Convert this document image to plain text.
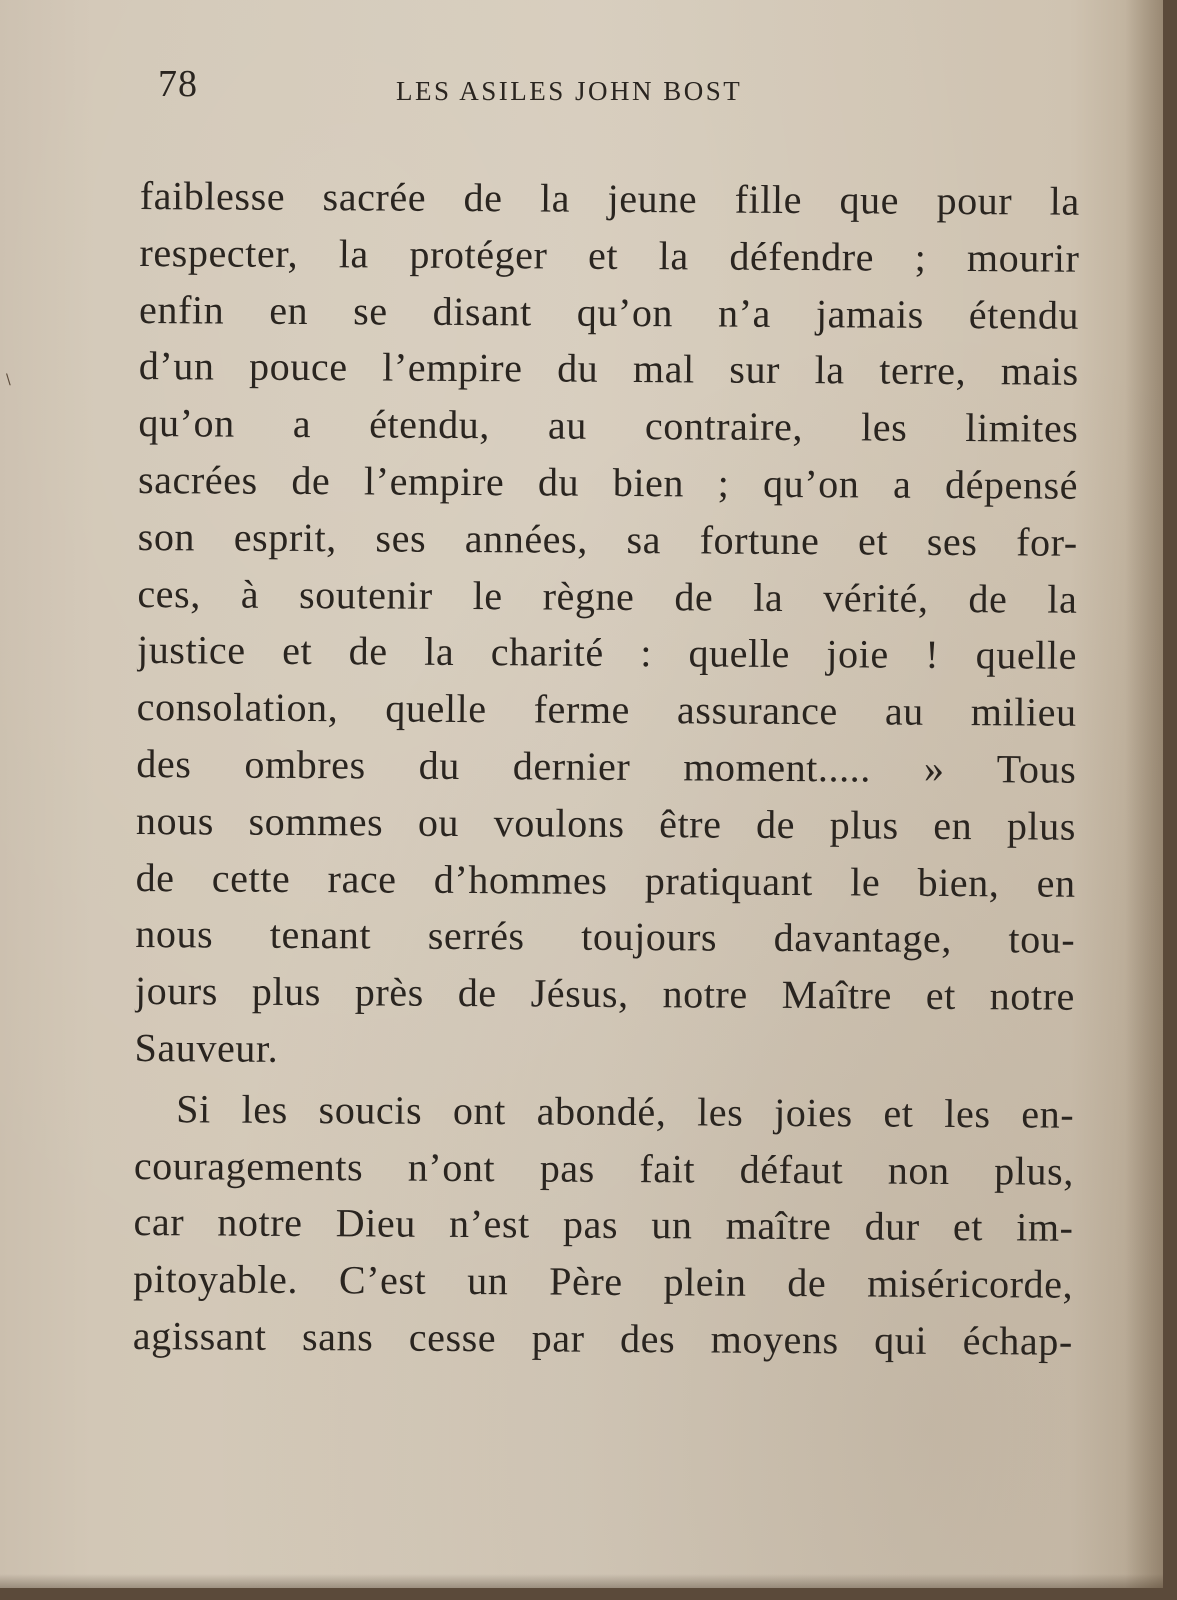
\
78	LES ASILES JOHN BOST
faiblesse sacrée de la jeune fille que pour la
respecter, la protéger et la défendre ; mourir
enfin en se disant qu’on n’a jamais étendu
d’un pouce l’empire du mal sur la terre, mais
qu’on a étendu, au contraire, les limites
sacrées de l’empire du bien ; qu’on a dépensé
son esprit, ses années, sa fortune et ses for-
ces, à soutenir le règne de la vérité, de la
justice et de la charité : quelle joie ! quelle
consolation, quelle ferme assurance au milieu
des ombres du dernier moment..... » Tous
nous sommes ou voulons être de plus en plus
de cette race d’hommes pratiquant le bien, en
nous tenant serrés toujours davantage, tou-
jours plus près de Jésus, notre Maître et notre
Sauveur.
Si les soucis ont abondé, les joies et les en-
couragements n’ont pas fait défaut non plus,
car notre Dieu n’est pas un maître dur et im-
pitoyable. C’est un Père plein de miséricorde,
agissant sans cesse par des moyens qui échap-
